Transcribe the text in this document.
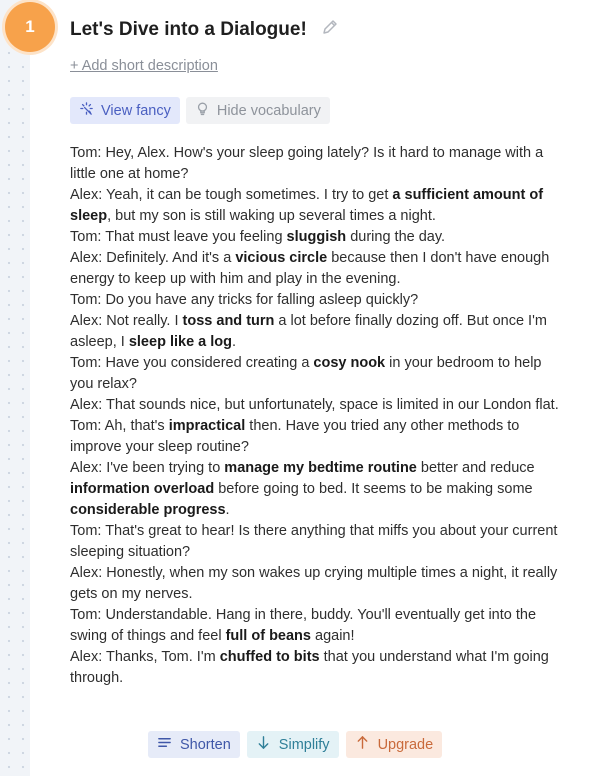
1 Let's Dive into a Dialogue!
+ Add short description
View fancy	Hide vocabulary

Tom: Hey, Alex. How's your sleep going lately? Is it hard to manage with a little one at home?

Alex: Yeah, it can be tough sometimes. I try to get a sufficient amount of sleep, but my son is still waking up several times a night.

Tom: That must leave you feeling sluggish during the day.

Alex: Definitely. And it's a vicious circle because then I don't have enough energy to keep up with him and play in the evening.

Tom: Do you have any tricks for falling asleep quickly?

Alex: Not really. I toss and turn a lot before finally dozing off. But once I'm asleep, I sleep like a log.

Tom: Have you considered creating a cosy nook in your bedroom to help you relax?

Alex: That sounds nice, but unfortunately, space is limited in our London flat.

Tom: Ah, that's impractical then. Have you tried any other methods to improve your sleep routine?

Alex: I've been trying to manage my bedtime routine better and reduce information overload before going to bed. It seems to be making some considerable progress.

Tom: That's great to hear! Is there anything that miffs you about your current sleeping situation?

Alex: Honestly, when my son wakes up crying multiple times a night, it really gets on my nerves.

Tom: Understandable. Hang in there, buddy. You'll eventually get into the swing of things and feel full of beans again!

Alex: Thanks, Tom. I'm chuffed to bits that you understand what I'm going through.

Shorten	Simplify	Upgrade
